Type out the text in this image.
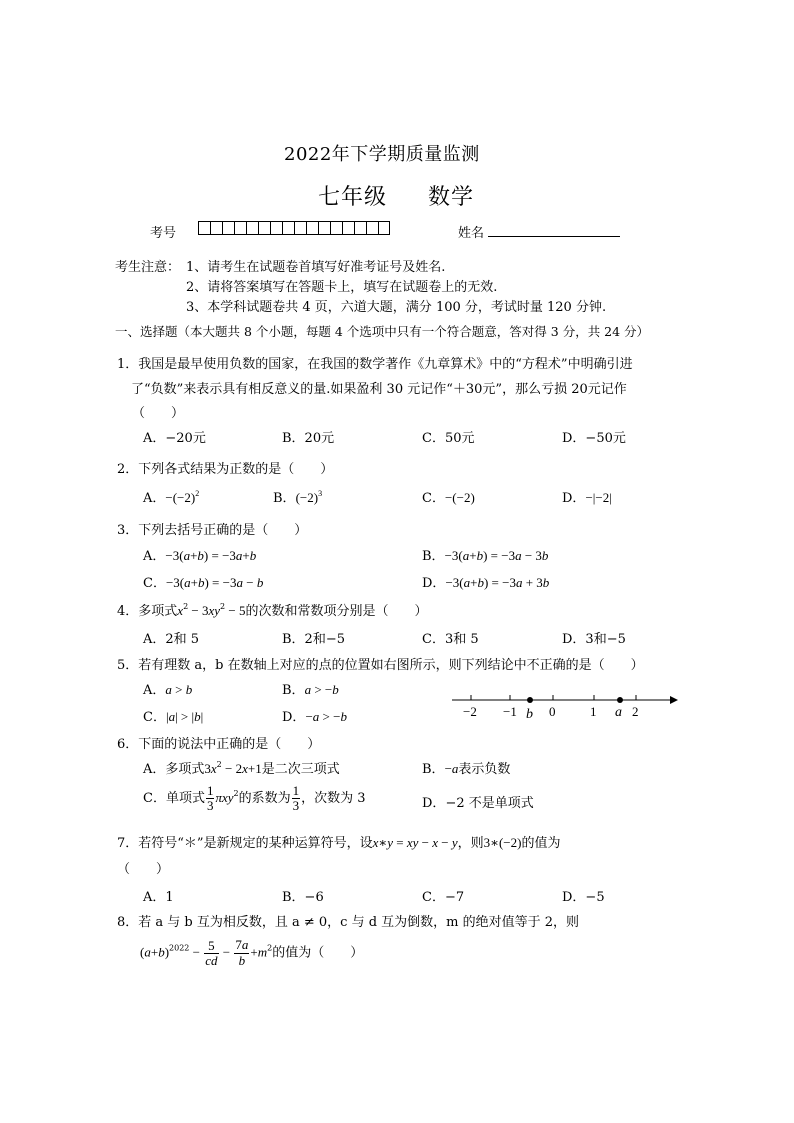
2022年下学期质量监测
七年级 数学
考号	姓名
考生注意： 1、请考生在试题卷首填写好准考证号及姓名.
2、请将答案填写在答题卡上，填写在试题卷上的无效.
3、本学科试题卷共 4 页，六道大题，满分 100 分，考试时量 120 分钟.
一、选择题（本大题共 8 个小题，每题 4 个选项中只有一个符合题意，答对得 3 分，共 24 分）
1．我国是最早使用负数的国家，在我国的数学著作《九章算术》中的“方程术”中明确引进
了“负数”来表示具有相反意义的量.如果盈利 30 元记作“＋30元”，那么亏损 20元记作
（　　）
A．−20元	B．20元	C．50元	D．−50元
2．下列各式结果为正数的是（　　）
A．$-(-2)^2$	B．$(-2)^3$	C．−(−2)	D．−|−2|
3．下列去括号正确的是（　　）
A．−3(a+b) = −3a+b	B．−3(a+b) = −3a − 3b
C．−3(a+b) = −3a − b	D．−3(a+b) = −3a + 3b
4．多项式$x^2 - 3xy^2 - 5$的次数和常数项分别是（　　）
A．2和 5	B．2和−5	C．3和 5	D．3和−5
5．若有理数 a，b 在数轴上对应的点的位置如右图所示，则下列结论中不正确的是（　　）
A．a > b	B．a > −b
C．|a| > |b|	D．−a > −b	−2 −1 0	1	2
b	a
6．下面的说法中正确的是（　　）
A．多项式$3x^2 - 2x+1$是二次三项式	B．−a表示负数
C．单项式 $\frac{1}{3} \pi xy^2$的系数为 $\frac{1}{3}$ ，次数为 3	D．−2 不是单项式
7．若符号“＊”是新规定的某种运算符号，设x∗y = xy − x − y，则3∗(−2)的值为
（　　）
A．1	B．−6	C．−7	D．−5
8．若 a 与 b 互为相反数，且 a ≠ 0，c 与 d 互为倒数，m 的绝对值等于 2，则
$(a+b)^{2022} - \frac{5}{cd} - \frac{7a}{b} +m^2$的值为（　　）
